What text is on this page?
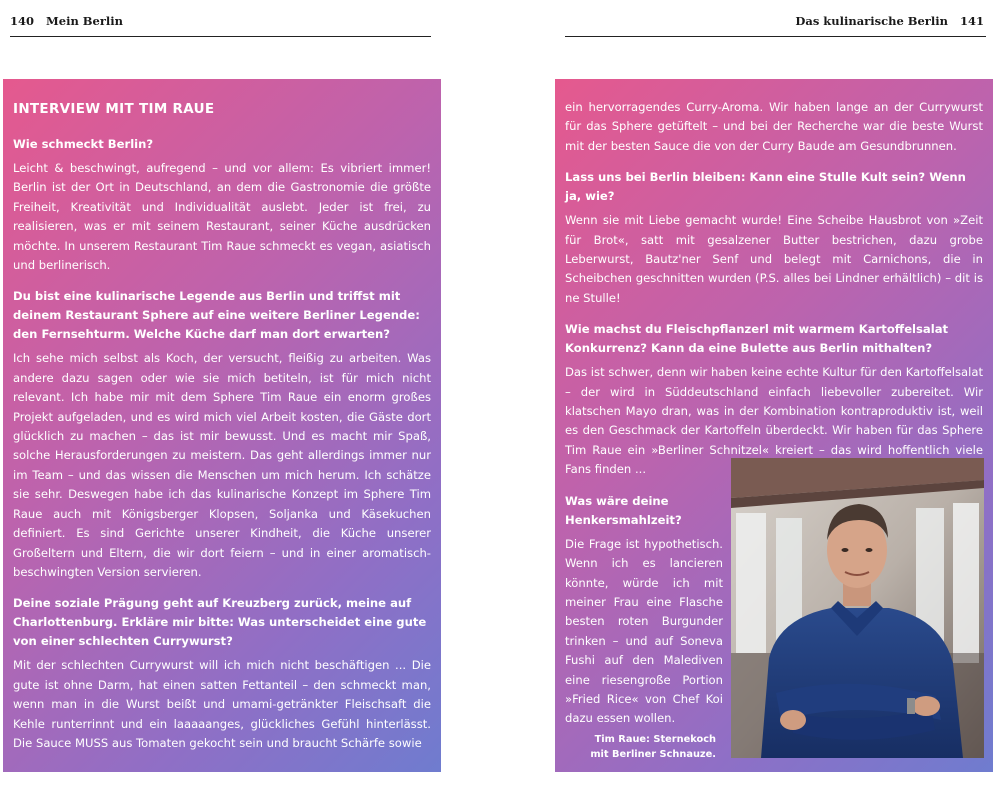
140 Mein Berlin	Das kulinarische Berlin 141
INTERVIEW MIT TIM RAUE
Wie schmeckt Berlin?
Leicht & beschwingt, aufregend – und vor allem: Es vibriert immer! Berlin ist der Ort in Deutschland, an dem die Gastronomie die größte Freiheit, Kreativität und Individualität auslebt. Jeder ist frei, zu realisieren, was er mit seinem Restaurant, seiner Küche ausdrücken möchte. In unserem Restaurant Tim Raue schmeckt es vegan, asiatisch und berlinerisch.
Du bist eine kulinarische Legende aus Berlin und triffst mit deinem Restaurant Sphere auf eine weitere Berliner Legende: den Fernsehturm. Welche Küche darf man dort erwarten?
Ich sehe mich selbst als Koch, der versucht, fleißig zu arbeiten. Was andere dazu sagen oder wie sie mich betiteln, ist für mich nicht relevant. Ich habe mir mit dem Sphere Tim Raue ein enorm großes Projekt aufgeladen, und es wird mich viel Arbeit kosten, die Gäste dort glücklich zu machen – das ist mir bewusst. Und es macht mir Spaß, solche Herausforderungen zu meistern. Das geht allerdings immer nur im Team – und das wissen die Menschen um mich herum. Ich schätze sie sehr. Deswegen habe ich das kulinarische Konzept im Sphere Tim Raue auch mit Königsberger Klopsen, Soljanka und Käsekuchen definiert. Es sind Gerichte unserer Kindheit, die Küche unserer Großeltern und Eltern, die wir dort feiern – und in einer aromatisch-beschwingten Version servieren.
Deine soziale Prägung geht auf Kreuzberg zurück, meine auf Charlottenburg. Erkläre mir bitte: Was unterscheidet eine gute von einer schlechten Currywurst?
Mit der schlechten Currywurst will ich mich nicht beschäftigen ... Die gute ist ohne Darm, hat einen satten Fettanteil – den schmeckt man, wenn man in die Wurst beißt und umami-getränkter Fleischsaft die Kehle runterrinnt und ein laaaaanges, glückliches Gefühl hinterlässt. Die Sauce MUSS aus Tomaten gekocht sein und braucht Schärfe sowie
ein hervorragendes Curry-Aroma. Wir haben lange an der Currywurst für das Sphere getüftelt – und bei der Recherche war die beste Wurst mit der besten Sauce die von der Curry Baude am Gesundbrunnen.
Lass uns bei Berlin bleiben: Kann eine Stulle Kult sein? Wenn ja, wie?
Wenn sie mit Liebe gemacht wurde! Eine Scheibe Hausbrot von »Zeit für Brot«, satt mit gesalzener Butter bestrichen, dazu grobe Leberwurst, Bautz'ner Senf und belegt mit Carnichons, die in Scheibchen geschnitten wurden (P.S. alles bei Lindner erhältlich) – dit is ne Stulle!
Wie machst du Fleischpflanzerl mit warmem Kartoffelsalat Konkurrenz? Kann da eine Bulette aus Berlin mithalten?
Das ist schwer, denn wir haben keine echte Kultur für den Kartoffelsalat – der wird in Süddeutschland einfach liebevoller zubereitet. Wir klatschen Mayo dran, was in der Kombination kontraproduktiv ist, weil es den Geschmack der Kartoffeln überdeckt. Wir haben für das Sphere Tim Raue ein »Berliner Schnitzel« kreiert – das wird hoffentlich viele Fans finden ...
Was wäre deine Henkersmahlzeit?
Die Frage ist hypothetisch. Wenn ich es lancieren könnte, würde ich mit meiner Frau eine Flasche besten roten Burgunder trinken – und auf Soneva Fushi auf den Malediven eine riesengroße Portion »Fried Rice« von Chef Koi dazu essen wollen.
Tim Raue: Sternekoch
mit Berliner Schnauze.
